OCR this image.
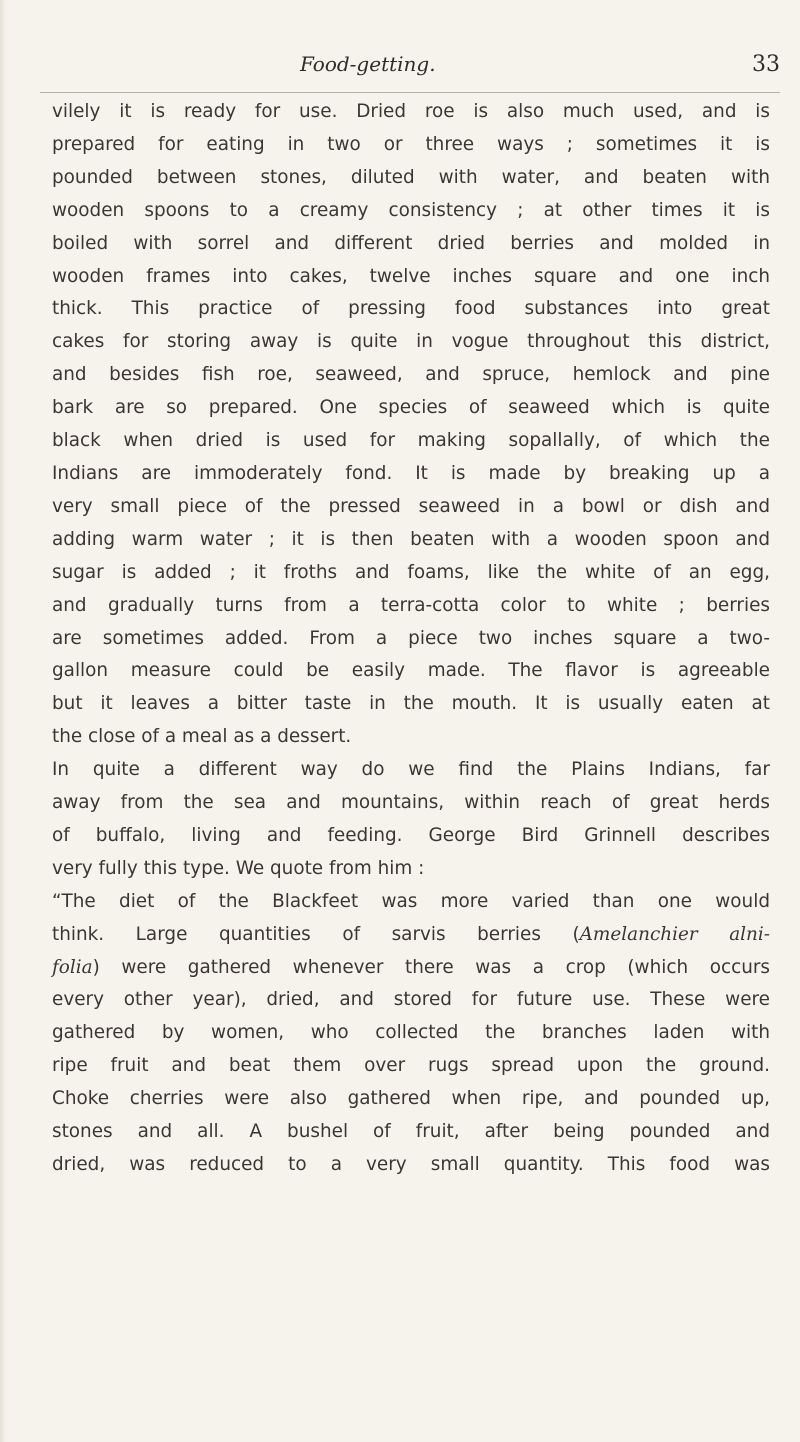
Food-getting.	33
vilely it is ready for use. Dried roe is also much used, and is
prepared for eating in two or three ways ; sometimes it is
pounded between stones, diluted with water, and beaten with
wooden spoons to a creamy consistency ; at other times it is
boiled with sorrel and different dried berries and molded in
wooden frames into cakes, twelve inches square and one inch
thick. This practice of pressing food substances into great
cakes for storing away is quite in vogue throughout this district,
and besides fish roe, seaweed, and spruce, hemlock and pine
bark are so prepared. One species of seaweed which is quite
black when dried is used for making sopallally, of which the
Indians are immoderately fond. It is made by breaking up a
very small piece of the pressed seaweed in a bowl or dish and
adding warm water ; it is then beaten with a wooden spoon and
sugar is added ; it froths and foams, like the white of an egg,
and gradually turns from a terra-cotta color to white ; berries
are sometimes added. From a piece two inches square a two-
gallon measure could be easily made. The flavor is agreeable
but it leaves a bitter taste in the mouth. It is usually eaten at
the close of a meal as a dessert.
In quite a different way do we find the Plains Indians, far
away from the sea and mountains, within reach of great herds
of buffalo, living and feeding. George Bird Grinnell describes
very fully this type. We quote from him :
“The diet of the Blackfeet was more varied than one would
think. Large quantities of sarvis berries (Amelanchier alni-
folia) were gathered whenever there was a crop (which occurs
every other year), dried, and stored for future use. These were
gathered by women, who collected the branches laden with
ripe fruit and beat them over rugs spread upon the ground.
Choke cherries were also gathered when ripe, and pounded up,
stones and all. A bushel of fruit, after being pounded and
dried, was reduced to a very small quantity. This food was
